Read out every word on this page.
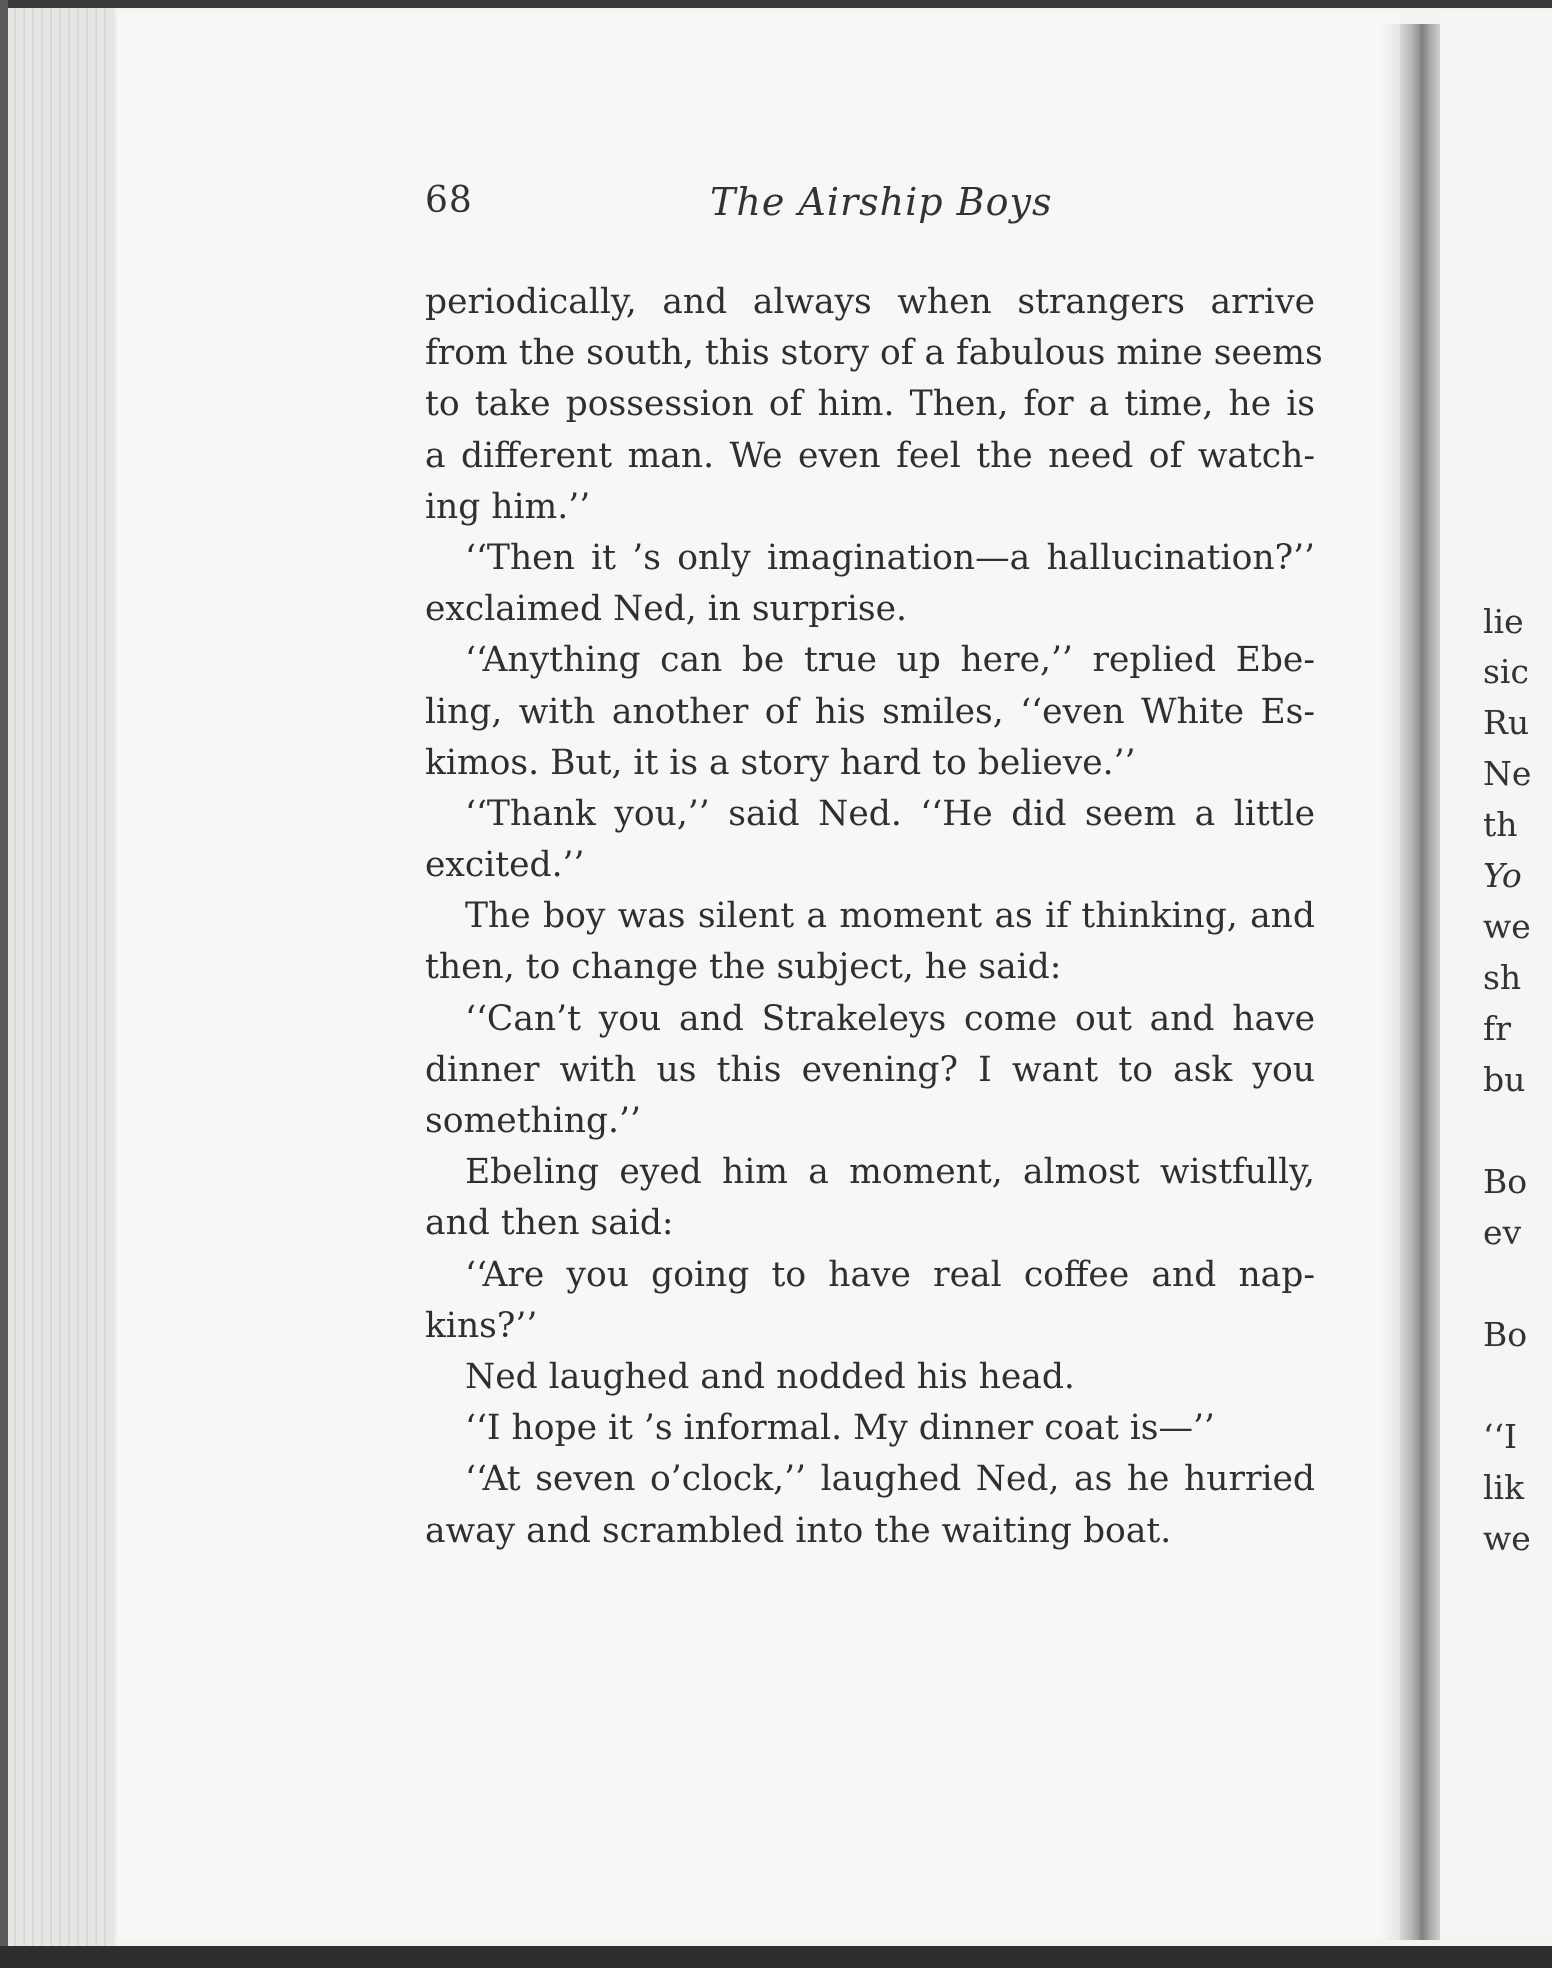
68	The Airship Boys
periodically, and always when strangers arrive
from the south, this story of a fabulous mine seems
to take possession of him. Then, for a time, he is
a different man. We even feel the need of watch-
ing him.’’
‘‘Then it ’s only imagination—a hallucination?’’
exclaimed Ned, in surprise.
‘‘Anything can be true up here,’’ replied Ebe-
ling, with another of his smiles, ‘‘even White Es-
kimos. But, it is a story hard to believe.’’
‘‘Thank you,’’ said Ned. ‘‘He did seem a little
excited.’’
The boy was silent a moment as if thinking, and
then, to change the subject, he said:
‘‘Can’t you and Strakeleys come out and have
dinner with us this evening? I want to ask you
something.’’
Ebeling eyed him a moment, almost wistfully,
and then said:
‘‘Are you going to have real coffee and nap-
kins?’’
Ned laughed and nodded his head.
‘‘I hope it ’s informal. My dinner coat is—’’
‘‘At seven o’clock,’’ laughed Ned, as he hurried
away and scrambled into the waiting boat.
lie
sic
Ru
Ne
th
Yo
we
sh
fr
bu
Bo
ev
Bo
‘‘I
lik
we
